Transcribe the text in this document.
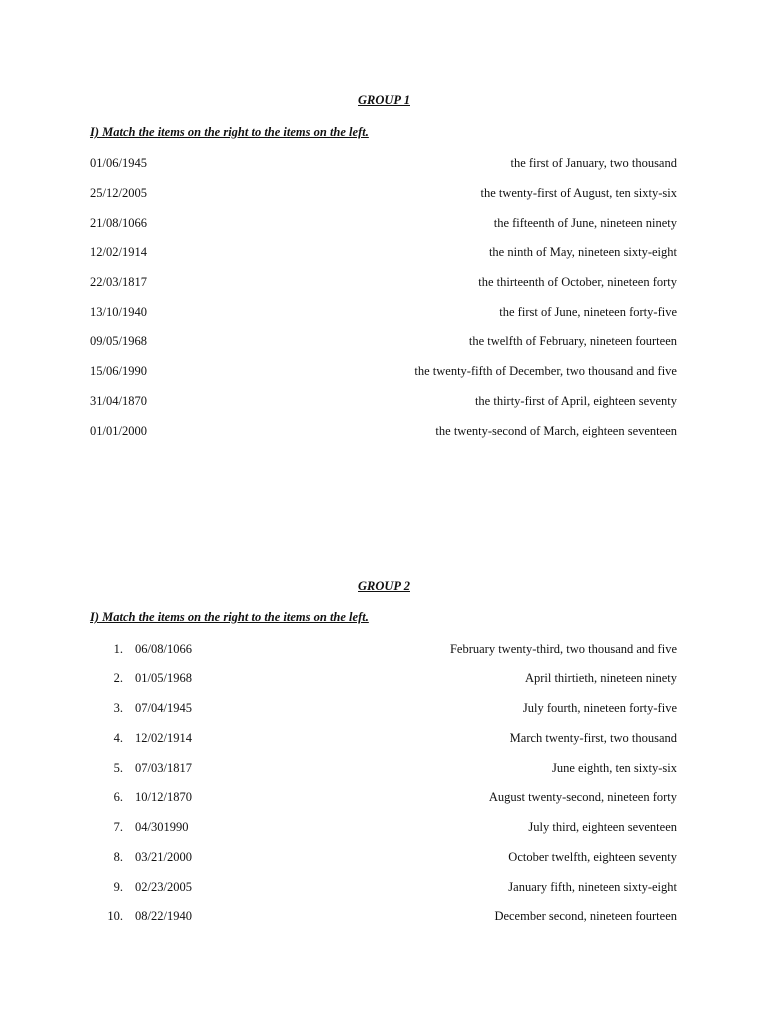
GROUP 1
I) Match the items on the right to the items on the left.
01/06/1945	the first of January, two thousand
25/12/2005	the twenty-first of August, ten sixty-six
21/08/1066	the fifteenth of June, nineteen ninety
12/02/1914	the ninth of May, nineteen sixty-eight
22/03/1817	the thirteenth of October, nineteen forty
13/10/1940	the first of June, nineteen forty-five
09/05/1968	the twelfth of February, nineteen fourteen
15/06/1990	the twenty-fifth of December, two thousand and five
31/04/1870	the thirty-first of April, eighteen seventy
01/01/2000	the twenty-second of March, eighteen seventeen
GROUP 2
I) Match the items on the right to the items on the left.
1. 06/08/1066	February twenty-third, two thousand and five
2. 01/05/1968	April thirtieth, nineteen ninety
3. 07/04/1945	July fourth, nineteen forty-five
4. 12/02/1914	March twenty-first, two thousand
5. 07/03/1817	June eighth, ten sixty-six
6. 10/12/1870	August twenty-second, nineteen forty
7. 04/301990	July third, eighteen seventeen
8. 03/21/2000	October twelfth, eighteen seventy
9. 02/23/2005	January fifth, nineteen sixty-eight
10. 08/22/1940	December second, nineteen fourteen
